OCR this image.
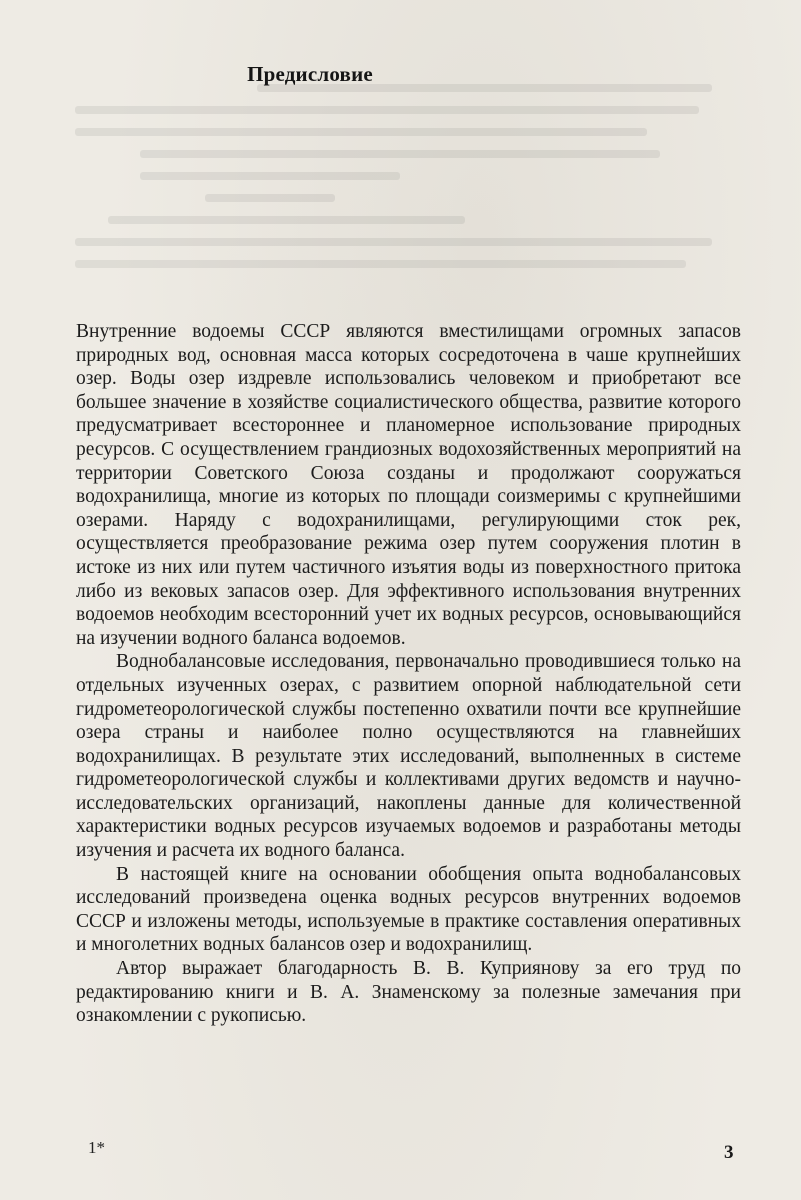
Предисловие

Внутренние водоемы СССР являются вместилищами огромных запасов природных вод, основная масса которых сосредоточена в чаше крупнейших озер. Воды озер издревле использовались человеком и приобретают все большее значение в хозяйстве социалистического общества, развитие которого предусматривает всестороннее и планомерное использование природных ресурсов. С осуществлением грандиозных водохозяйственных мероприятий на территории Советского Союза созданы и продолжают сооружаться водохранилища, многие из которых по площади соизмеримы с крупнейшими озерами. Наряду с водохранилищами, регулирующими сток рек, осуществляется преобразование режима озер путем сооружения плотин в истоке из них или путем частичного изъятия воды из поверхностного притока либо из вековых запасов озер. Для эффективного использования внутренних водоемов необходим всесторонний учет их водных ресурсов, основывающийся на изучении водного баланса водоемов.

Воднобалансовые исследования, первоначально проводившиеся только на отдельных изученных озерах, с развитием опорной наблюдательной сети гидрометеорологической службы постепенно охватили почти все крупнейшие озера страны и наиболее полно осуществляются на главнейших водохранилищах. В результате этих исследований, выполненных в системе гидрометеорологической службы и коллективами других ведомств и научно-исследовательских организаций, накоплены данные для количественной характеристики водных ресурсов изучаемых водоемов и разработаны методы изучения и расчета их водного баланса.

В настоящей книге на основании обобщения опыта воднобалансовых исследований произведена оценка водных ресурсов внутренних водоемов СССР и изложены методы, используемые в практике составления оперативных и многолетних водных балансов озер и водохранилищ.

Автор выражает благодарность В. В. Куприянову за его труд по редактированию книги и В. А. Знаменскому за полезные замечания при ознакомлении с рукописью.

1*	3
